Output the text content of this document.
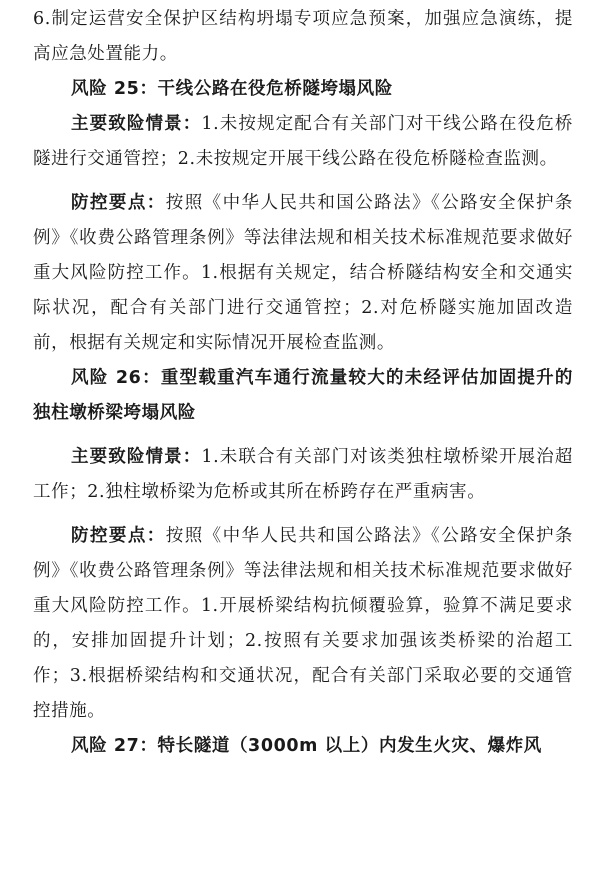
6.制定运营安全保护区结构坍塌专项应急预案，加强应急演练，提高应急处置能力。

风险 25：干线公路在役危桥隧垮塌风险

主要致险情景：1.未按规定配合有关部门对干线公路在役危桥隧进行交通管控；2.未按规定开展干线公路在役危桥隧检查监测。

防控要点：按照《中华人民共和国公路法》《公路安全保护条例》《收费公路管理条例》等法律法规和相关技术标准规范要求做好重大风险防控工作。1.根据有关规定，结合桥隧结构安全和交通实际状况，配合有关部门进行交通管控；2.对危桥隧实施加固改造前，根据有关规定和实际情况开展检查监测。

风险 26：重型载重汽车通行流量较大的未经评估加固提升的独柱墩桥梁垮塌风险

主要致险情景：1.未联合有关部门对该类独柱墩桥梁开展治超工作；2.独柱墩桥梁为危桥或其所在桥跨存在严重病害。

防控要点：按照《中华人民共和国公路法》《公路安全保护条例》《收费公路管理条例》等法律法规和相关技术标准规范要求做好重大风险防控工作。1.开展桥梁结构抗倾覆验算，验算不满足要求的，安排加固提升计划；2.按照有关要求加强该类桥梁的治超工作；3.根据桥梁结构和交通状况，配合有关部门采取必要的交通管控措施。

风险 27：特长隧道（3000m 以上）内发生火灾、爆炸风
